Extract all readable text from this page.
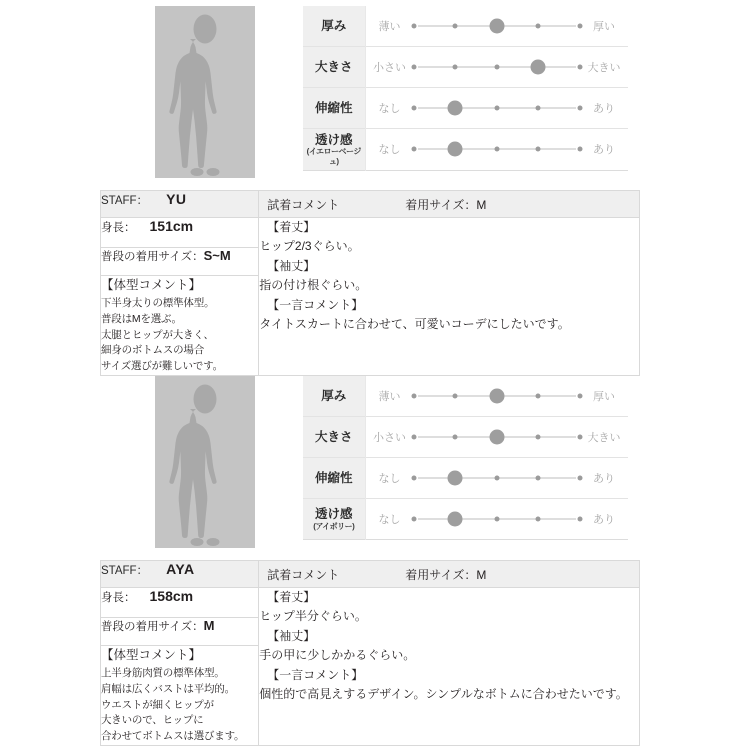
厚み	薄い 厚い

大きさ	小さい 大きい

伸縮性	なし あり

透け感
(イエローベージュ)	なし あり
STAFF： YU	試着コメント 着用サイズ：M

身長： 151cm	【着丈】
ヒップ2/3ぐらい。
【袖丈】
指の付け根ぐらい。
【一言コメント】
タイトスカートに合わせて、可愛いコーデにしたいです。

普段の着用サイズ：S~M	

【体型コメント】
下半身太りの標準体型。
普段はMを選ぶ。
太腿とヒップが大きく、
細身のボトムスの場合
サイズ選びが難しいです。
厚み	薄い 厚い

大きさ	小さい 大きい

伸縮性	なし あり

透け感
(アイボリー)	なし あり
STAFF： AYA	試着コメント 着用サイズ：M

身長： 158cm	【着丈】
ヒップ半分ぐらい。
【袖丈】
手の甲に少しかかるぐらい。
【一言コメント】
個性的で高見えするデザイン。シンプルなボトムに合わせたいです。

普段の着用サイズ：M	

【体型コメント】
上半身筋肉質の標準体型。
肩幅は広くバストは平均的。
ウエストが細くヒップが
大きいので、ヒップに
合わせてボトムスは選びます。
